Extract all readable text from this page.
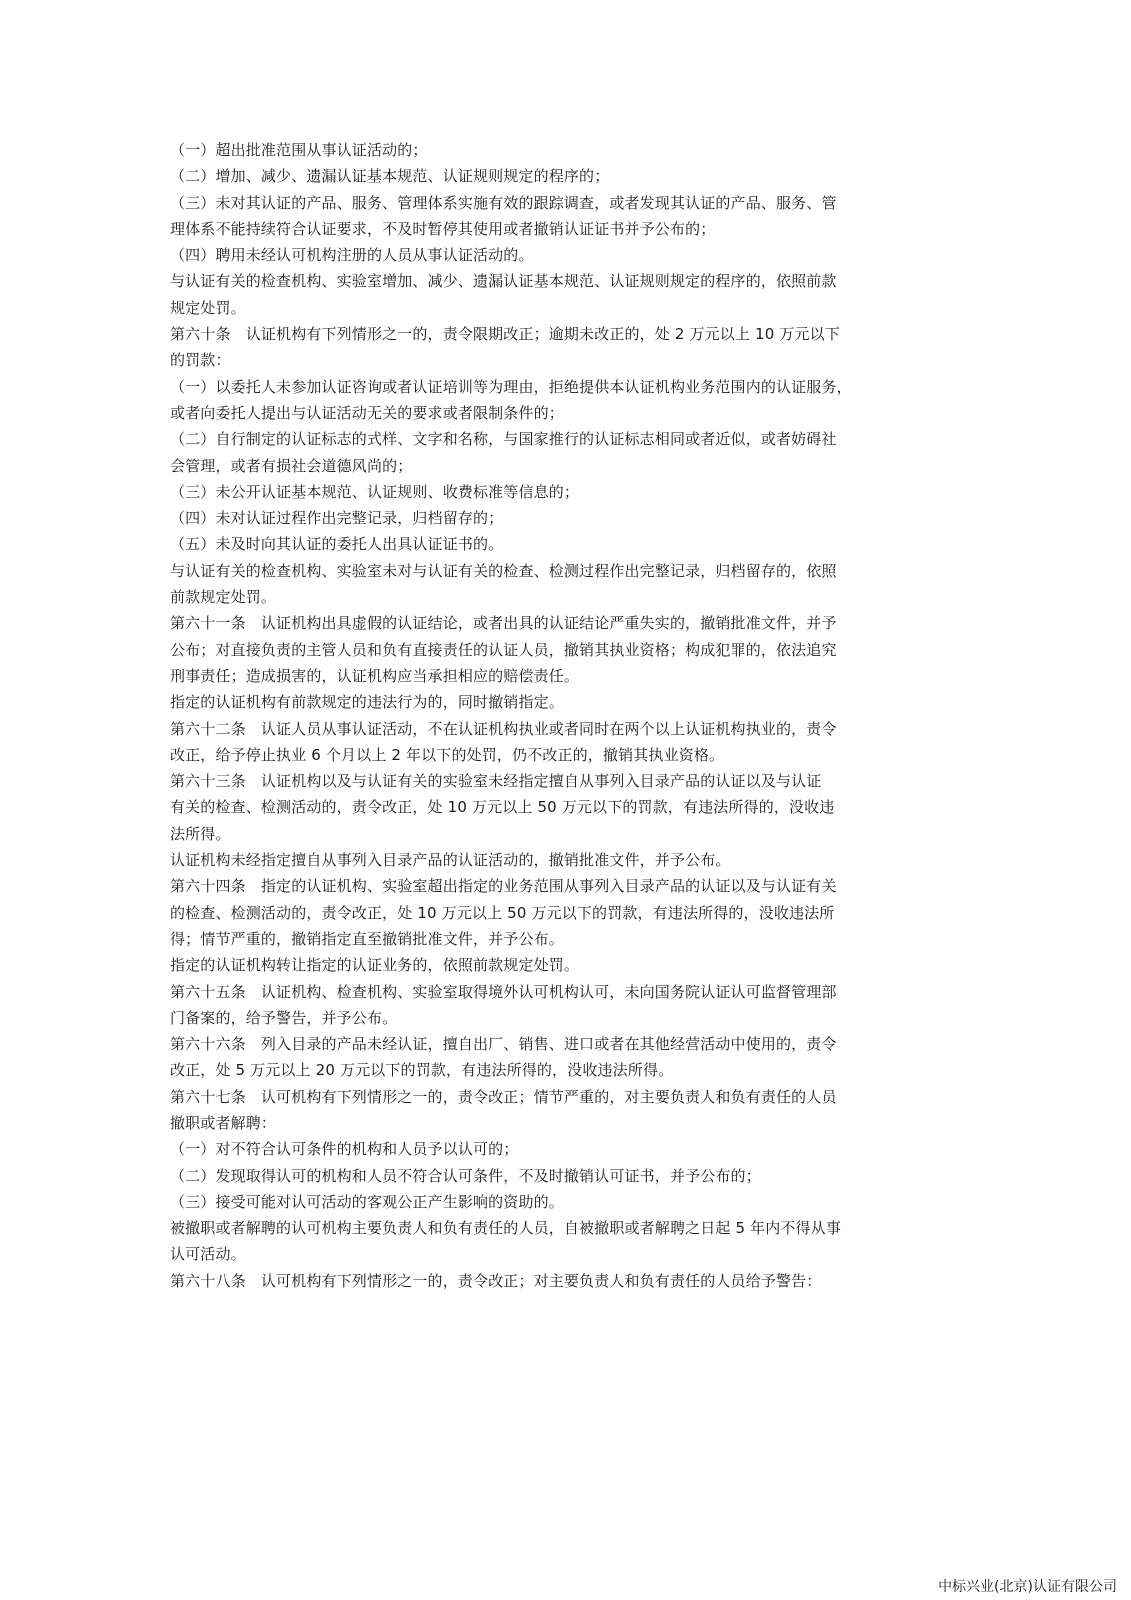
（一）超出批准范围从事认证活动的；
（二）增加、减少、遗漏认证基本规范、认证规则规定的程序的；
（三）未对其认证的产品、服务、管理体系实施有效的跟踪调查，或者发现其认证的产品、服务、管
理体系不能持续符合认证要求，不及时暂停其使用或者撤销认证证书并予公布的；
（四）聘用未经认可机构注册的人员从事认证活动的。
与认证有关的检查机构、实验室增加、减少、遗漏认证基本规范、认证规则规定的程序的，依照前款
规定处罚。
第六十条　认证机构有下列情形之一的，责令限期改正；逾期未改正的，处 2 万元以上 10 万元以下
的罚款：
（一）以委托人未参加认证咨询或者认证培训等为理由，拒绝提供本认证机构业务范围内的认证服务，
或者向委托人提出与认证活动无关的要求或者限制条件的；
（二）自行制定的认证标志的式样、文字和名称，与国家推行的认证标志相同或者近似，或者妨碍社
会管理，或者有损社会道德风尚的；
（三）未公开认证基本规范、认证规则、收费标准等信息的；
（四）未对认证过程作出完整记录，归档留存的；
（五）未及时向其认证的委托人出具认证证书的。
与认证有关的检查机构、实验室未对与认证有关的检查、检测过程作出完整记录，归档留存的，依照
前款规定处罚。
第六十一条　认证机构出具虚假的认证结论，或者出具的认证结论严重失实的，撤销批准文件，并予
公布；对直接负责的主管人员和负有直接责任的认证人员，撤销其执业资格；构成犯罪的，依法追究
刑事责任；造成损害的，认证机构应当承担相应的赔偿责任。
指定的认证机构有前款规定的违法行为的，同时撤销指定。
第六十二条　认证人员从事认证活动，不在认证机构执业或者同时在两个以上认证机构执业的，责令
改正，给予停止执业 6 个月以上 2 年以下的处罚，仍不改正的，撤销其执业资格。
第六十三条　认证机构以及与认证有关的实验室未经指定擅自从事列入目录产品的认证以及与认证
有关的检查、检测活动的，责令改正，处 10 万元以上 50 万元以下的罚款，有违法所得的，没收违
法所得。
认证机构未经指定擅自从事列入目录产品的认证活动的，撤销批准文件，并予公布。
第六十四条　指定的认证机构、实验室超出指定的业务范围从事列入目录产品的认证以及与认证有关
的检查、检测活动的，责令改正，处 10 万元以上 50 万元以下的罚款，有违法所得的，没收违法所
得；情节严重的，撤销指定直至撤销批准文件，并予公布。
指定的认证机构转让指定的认证业务的，依照前款规定处罚。
第六十五条　认证机构、检查机构、实验室取得境外认可机构认可，未向国务院认证认可监督管理部
门备案的，给予警告，并予公布。
第六十六条　列入目录的产品未经认证，擅自出厂、销售、进口或者在其他经营活动中使用的，责令
改正，处 5 万元以上 20 万元以下的罚款，有违法所得的，没收违法所得。
第六十七条　认可机构有下列情形之一的，责令改正；情节严重的，对主要负责人和负有责任的人员
撤职或者解聘：
（一）对不符合认可条件的机构和人员予以认可的；
（二）发现取得认可的机构和人员不符合认可条件，不及时撤销认可证书，并予公布的；
（三）接受可能对认可活动的客观公正产生影响的资助的。
被撤职或者解聘的认可机构主要负责人和负有责任的人员，自被撤职或者解聘之日起 5 年内不得从事
认可活动。
第六十八条　认可机构有下列情形之一的，责令改正；对主要负责人和负有责任的人员给予警告：
中标兴业(北京)认证有限公司
